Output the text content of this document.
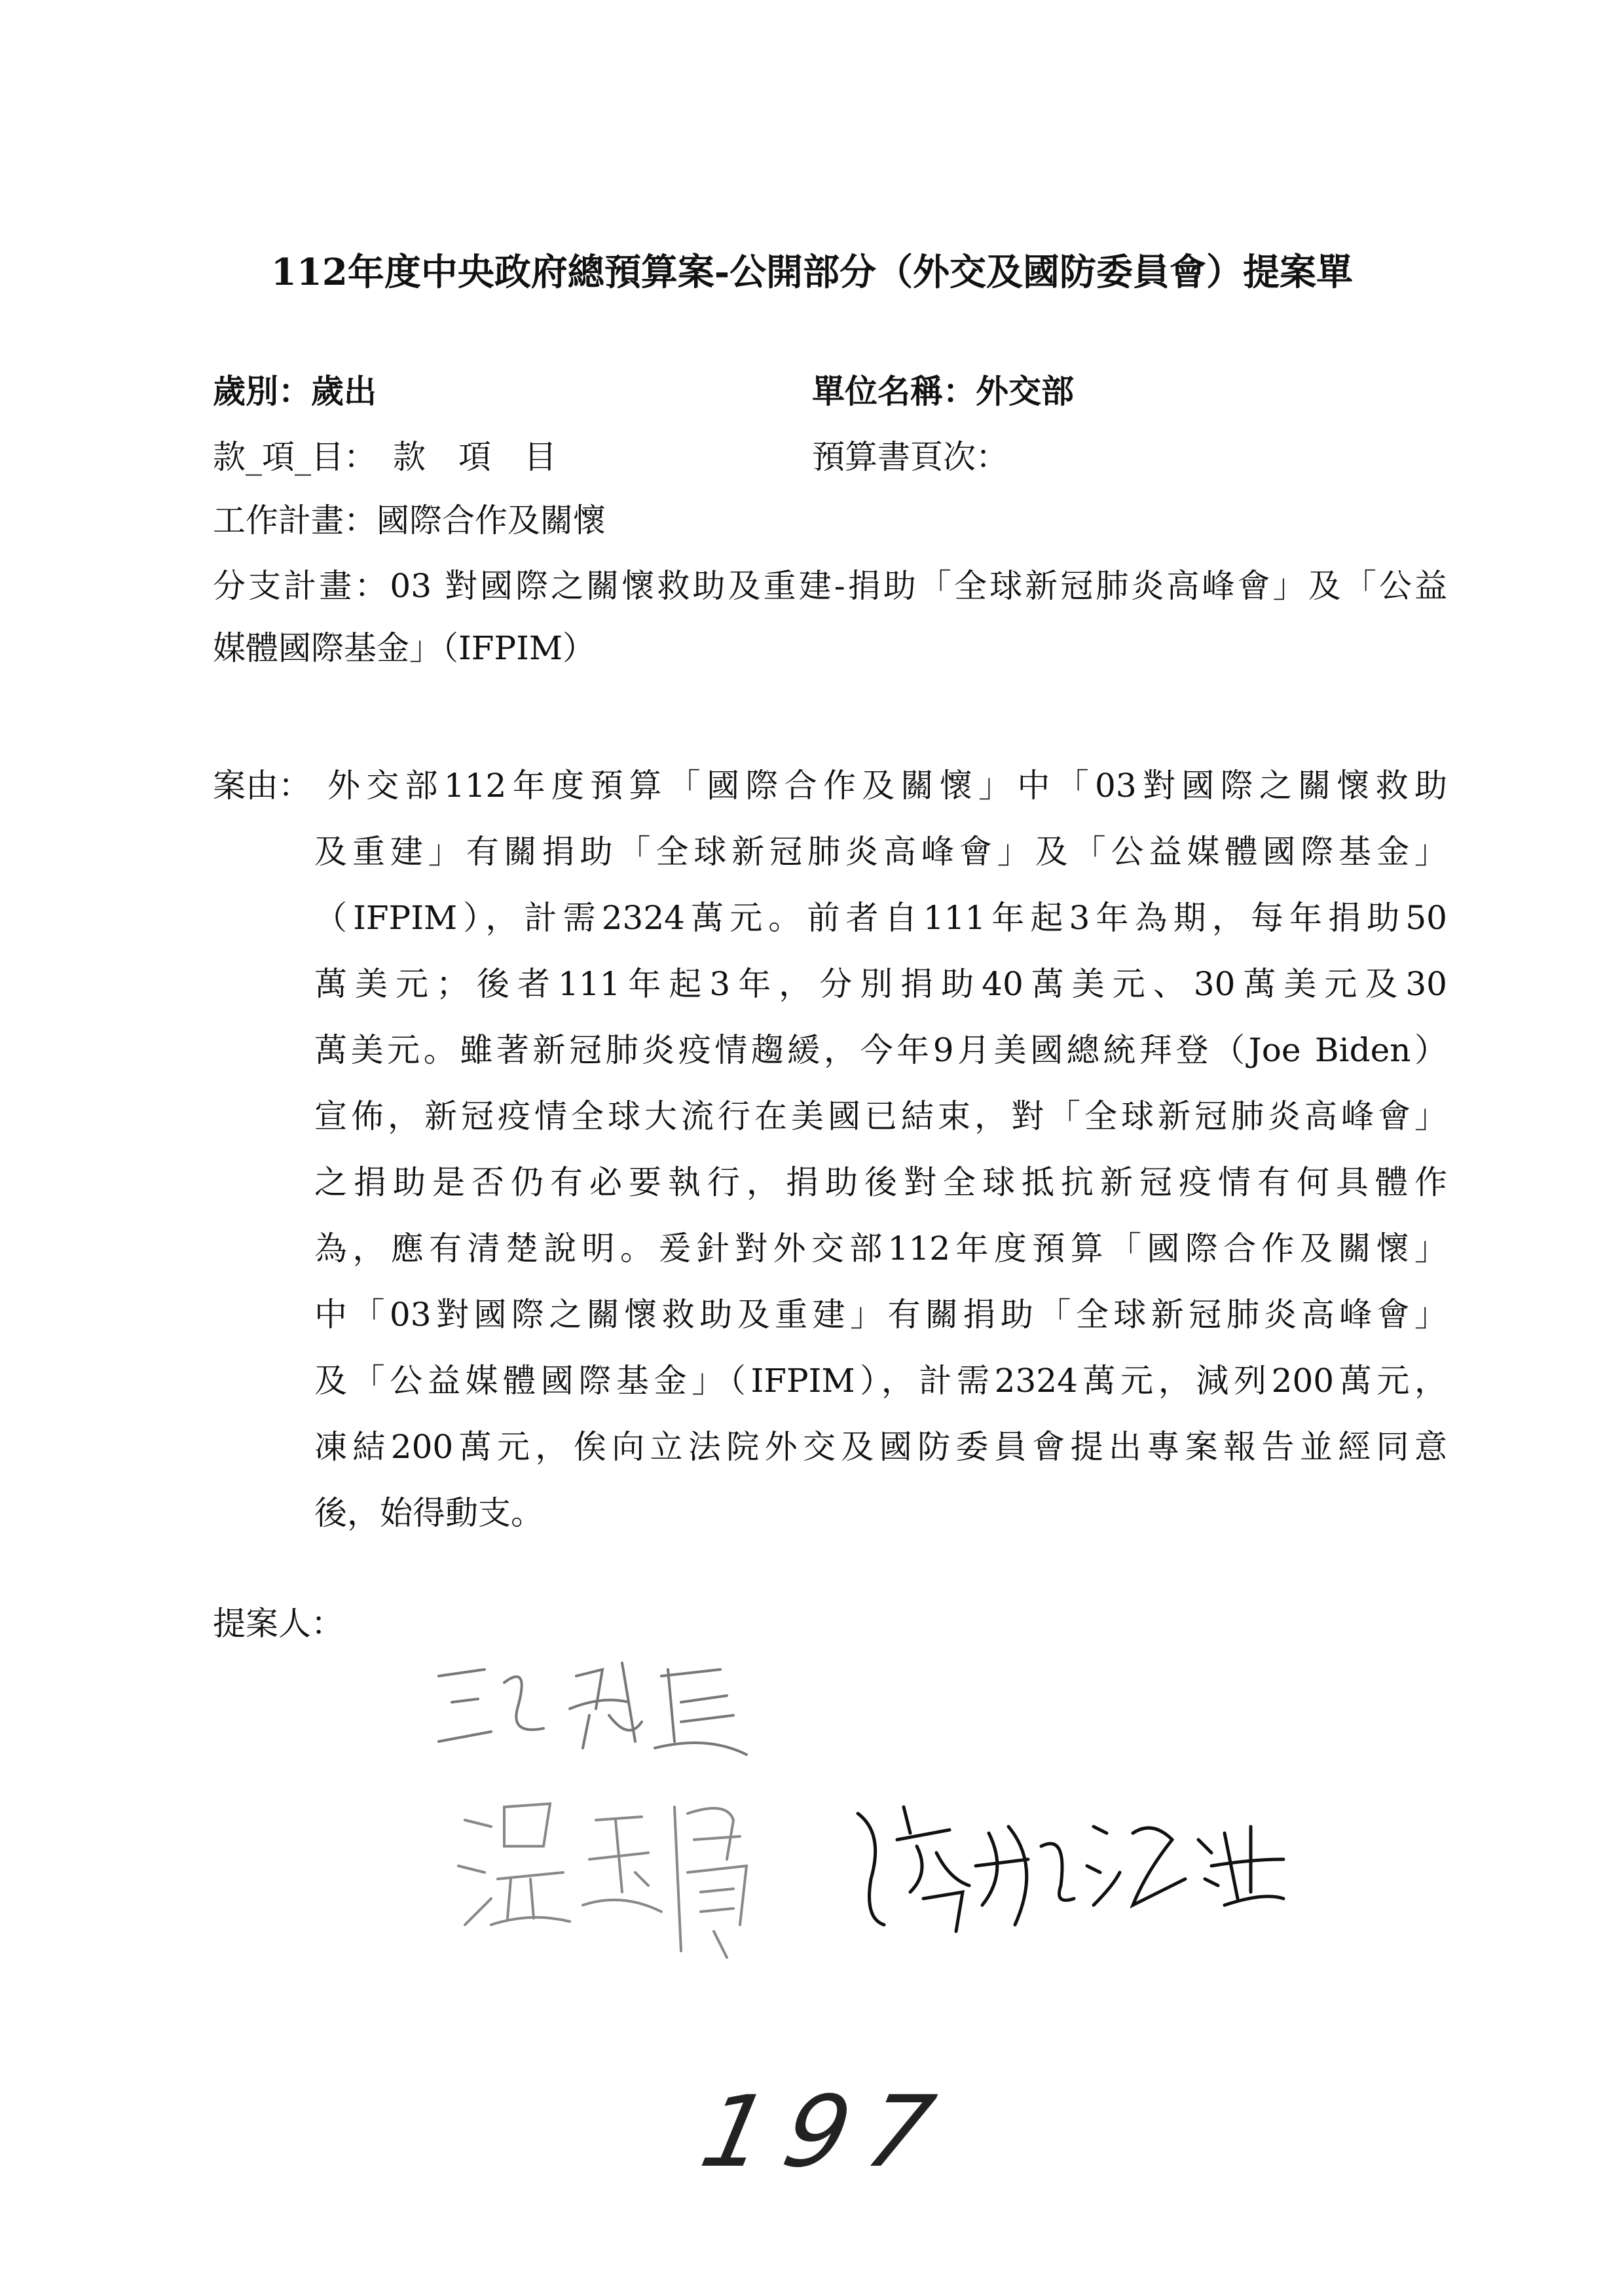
112年度中央政府總預算案-公開部分（外交及國防委員會）提案單
歲別：歲出	單位名稱：外交部
款_項_目：　款　項　目	預算書頁次：
工作計畫：國際合作及關懷
分支計畫：03 對國際之關懷救助及重建-捐助「全球新冠肺炎高峰會」及「公益
媒體國際基金」（IFPIM）
案由： 外交部112年度預算「國際合作及關懷」中「03對國際之關懷救助
及重建」有關捐助「全球新冠肺炎高峰會」及「公益媒體國際基金」
（IFPIM），計需2324萬元。前者自111年起3年為期，每年捐助50
萬美元；後者111年起3年，分別捐助40萬美元、30萬美元及30
萬美元。雖著新冠肺炎疫情趨緩，今年9月美國總統拜登（Joe Biden）
宣佈，新冠疫情全球大流行在美國已結束，對「全球新冠肺炎高峰會」
之捐助是否仍有必要執行，捐助後對全球抵抗新冠疫情有何具體作
為，應有清楚說明。爰針對外交部112年度預算「國際合作及關懷」
中「03對國際之關懷救助及重建」有關捐助「全球新冠肺炎高峰會」
及「公益媒體國際基金」（IFPIM），計需2324萬元，減列200萬元，
凍結200萬元，俟向立法院外交及國防委員會提出專案報告並經同意
後，始得動支。
提案人：
197
